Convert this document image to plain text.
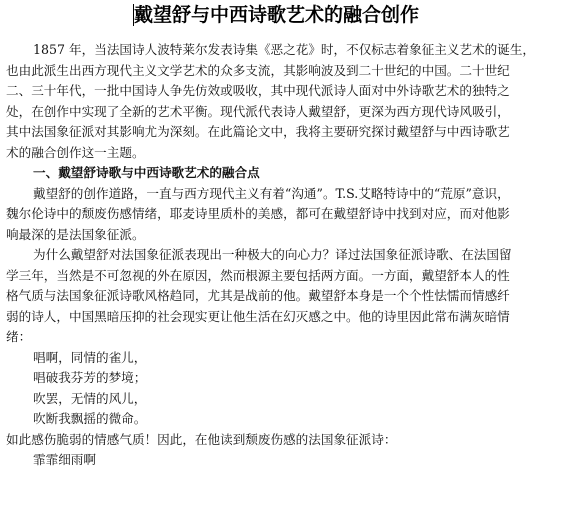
戴望舒与中西诗歌艺术的融合创作
1857 年，当法国诗人波特莱尔发表诗集《恶之花》时，不仅标志着象征主义艺术的诞生，
也由此派生出西方现代主义文学艺术的众多支流，其影响波及到二十世纪的中国。二十世纪
二、三十年代，一批中国诗人争先仿效或吸收，其中现代派诗人面对中外诗歌艺术的独特之
处，在创作中实现了全新的艺术平衡。现代派代表诗人戴望舒，更深为西方现代诗风吸引，
其中法国象征派对其影响尤为深刻。在此篇论文中，我将主要研究探讨戴望舒与中西诗歌艺
术的融合创作这一主题。
一、戴望舒诗歌与中西诗歌艺术的融合点
戴望舒的创作道路，一直与西方现代主义有着“沟通”。T.S.艾略特诗中的“荒原”意识，
魏尔伦诗中的颓废伤感情绪，耶麦诗里质朴的美感，都可在戴望舒诗中找到对应，而对他影
响最深的是法国象征派。
为什么戴望舒对法国象征派表现出一种极大的向心力？译过法国象征派诗歌、在法国留
学三年，当然是不可忽视的外在原因，然而根源主要包括两方面。一方面，戴望舒本人的性
格气质与法国象征派诗歌风格趋同，尤其是战前的他。戴望舒本身是一个个性怯懦而情感纤
弱的诗人，中国黑暗压抑的社会现实更让他生活在幻灭感之中。他的诗里因此常布满灰暗情
绪：
唱啊，同情的雀儿，
唱破我芬芳的梦境；
吹罢，无情的风儿，
吹断我飘摇的微命。
如此感伤脆弱的情感气质！因此，在他读到颓废伤感的法国象征派诗：
霏霏细雨啊
